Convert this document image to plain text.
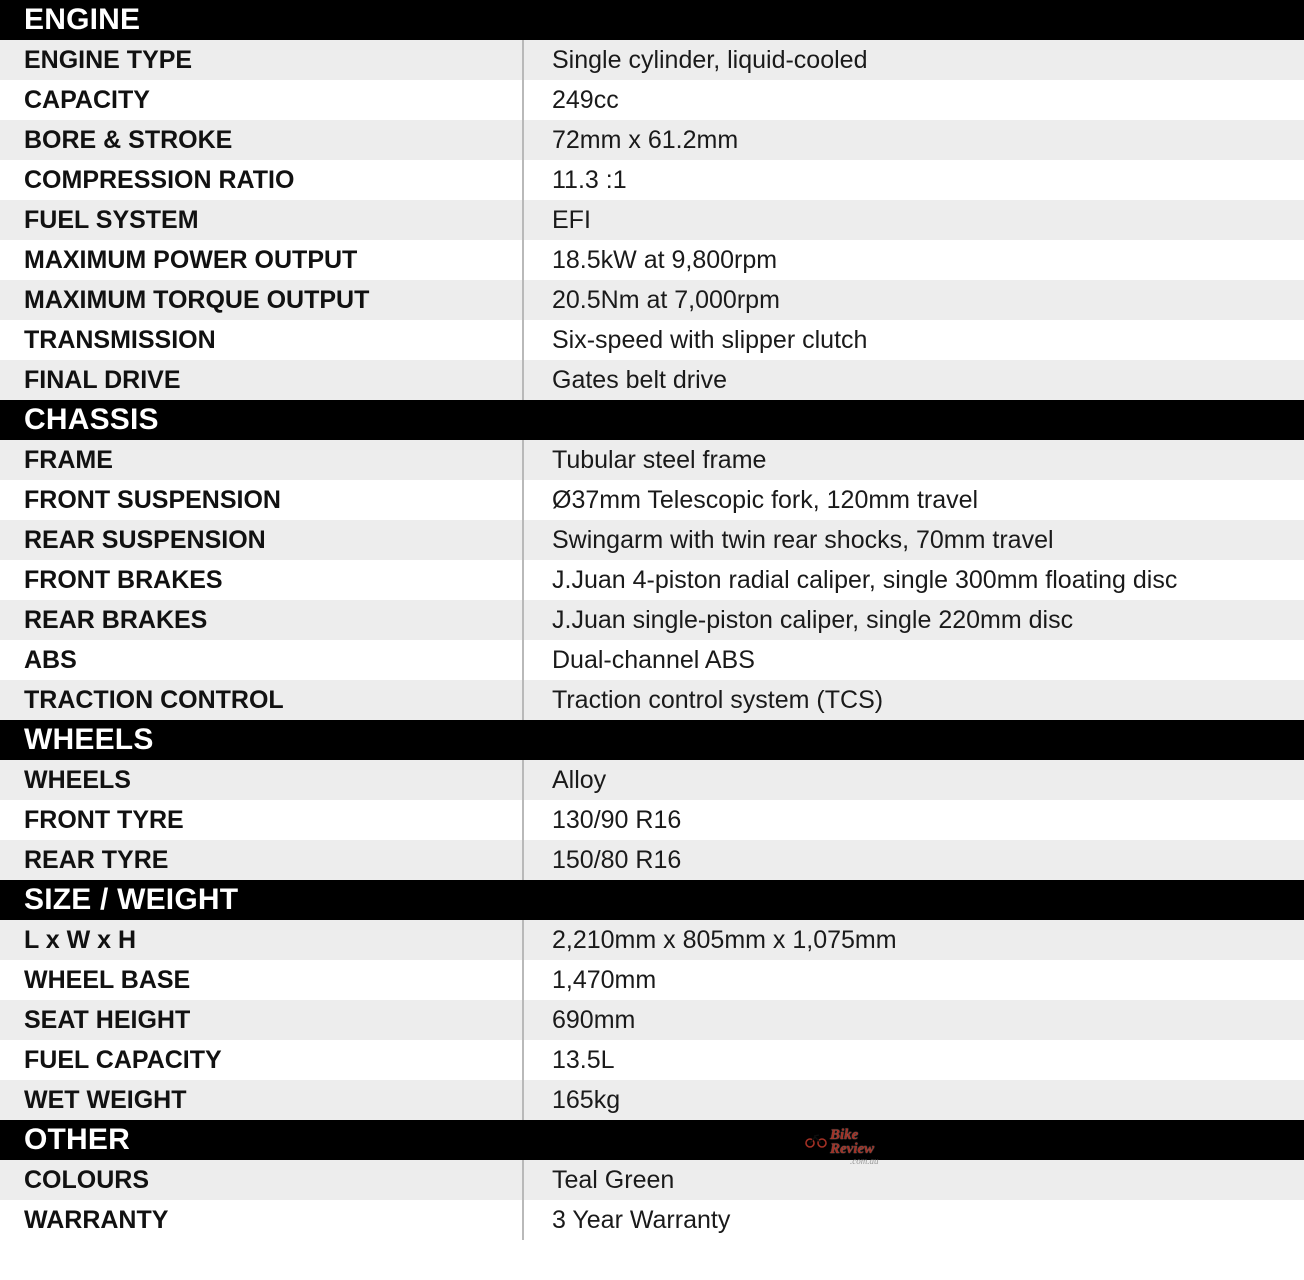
ENGINE
ENGINE TYPE	Single cylinder, liquid-cooled
CAPACITY	249cc
BORE & STROKE	72mm x 61.2mm
COMPRESSION RATIO	11.3 :1
FUEL SYSTEM	EFI
MAXIMUM POWER OUTPUT	18.5kW at 9,800rpm
MAXIMUM TORQUE OUTPUT	20.5Nm at 7,000rpm
TRANSMISSION	Six-speed with slipper clutch
FINAL DRIVE	Gates belt drive
CHASSIS
FRAME	Tubular steel frame
FRONT SUSPENSION	Ø37mm Telescopic fork, 120mm travel
REAR SUSPENSION	Swingarm with twin rear shocks, 70mm travel
FRONT BRAKES	J.Juan 4-piston radial caliper, single 300mm floating disc
REAR BRAKES	J.Juan single-piston caliper, single 220mm disc
ABS	Dual-channel ABS
TRACTION CONTROL	Traction control system (TCS)
WHEELS
WHEELS	Alloy
FRONT TYRE	130/90 R16
REAR TYRE	150/80 R16
SIZE / WEIGHT
L x W x H	2,210mm x 805mm x 1,075mm
WHEEL BASE	1,470mm
SEAT HEIGHT	690mm
FUEL CAPACITY	13.5L
WET WEIGHT	165kg
OTHER
COLOURS	Teal Green
WARRANTY	3 Year Warranty
Bike
Review
.com.au
